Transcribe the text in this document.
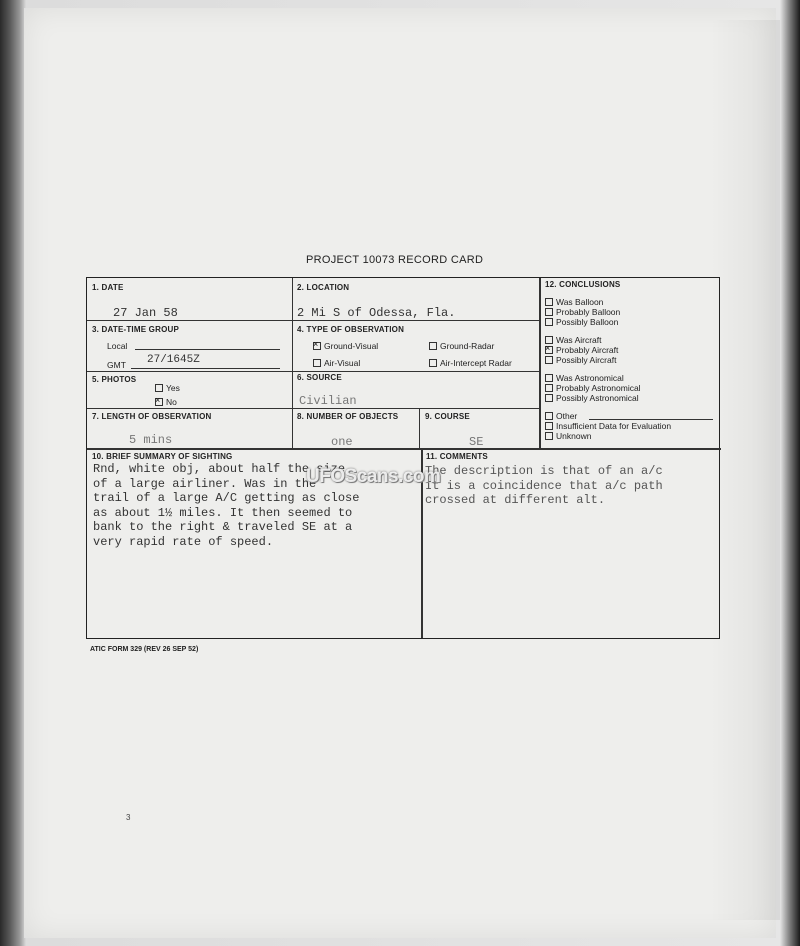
PROJECT 10073 RECORD CARD
1. DATE
27 Jan 58
2. LOCATION
2 Mi S of Odessa, Fla.
3. DATE-TIME GROUP
Local
GMT 27/1645Z
4. TYPE OF OBSERVATION
×Ground-Visual	Ground-Radar
Air-Visual	Air-Intercept Radar
5. PHOTOS
Yes
×No
6. SOURCE
Civilian
7. LENGTH OF OBSERVATION
5 mins
8. NUMBER OF OBJECTS
one
9. COURSE
SE
10. BRIEF SUMMARY OF SIGHTING
Rnd, white obj, about half the size
of a large airliner. Was in the
trail of a large A/C getting as close
as about 1½ miles. It then seemed to
bank to the right & traveled SE at a
very rapid rate of speed.
11. COMMENTS
The description is that of an a/c
It is a coincidence that a/c path
crossed at different alt.
12. CONCLUSIONS
Was Balloon
Probably Balloon
Possibly Balloon
Was Aircraft
×Probably Aircraft
Possibly Aircraft
Was Astronomical
Probably Astronomical
Possibly Astronomical
Other
Insufficient Data for Evaluation
Unknown
UFOScans.com
ATIC FORM 329 (REV 26 SEP 52)
3
